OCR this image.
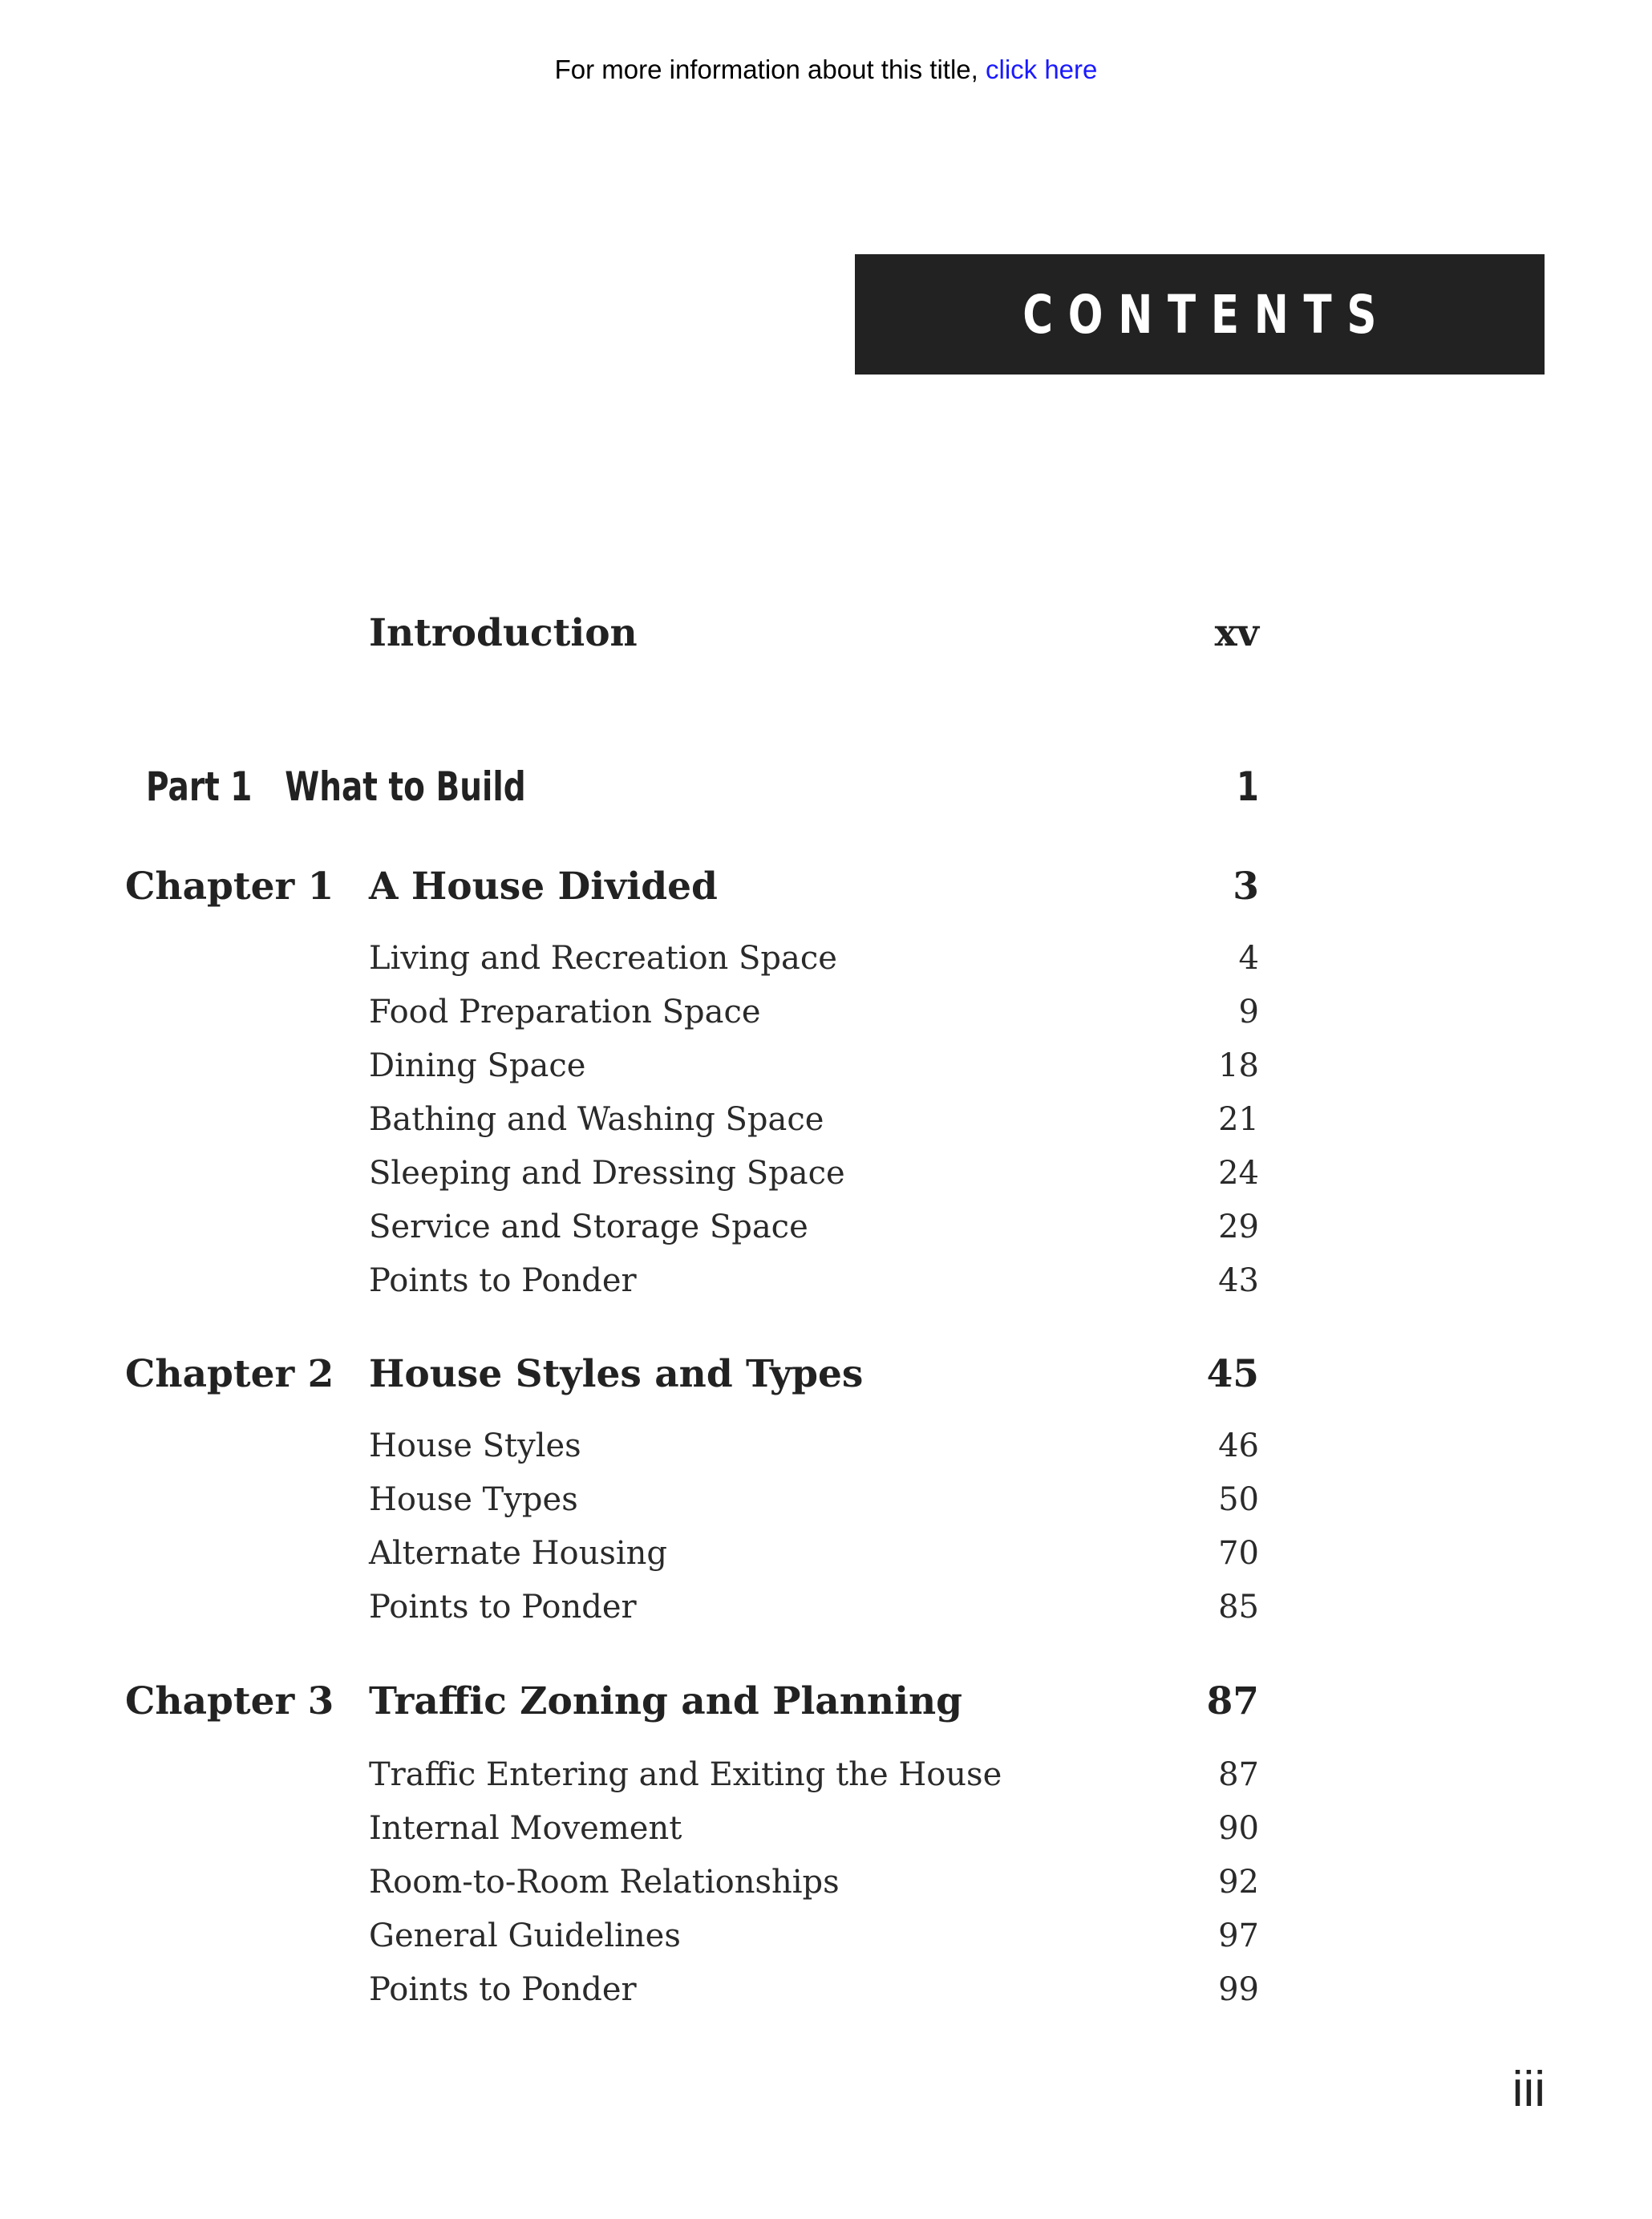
For more information about this title, click here
CONTENTS
Introduction	xv
Part 1 What to Build	1
Chapter 1 A House Divided	3
Living and Recreation Space	4
Food Preparation Space	9
Dining Space	18
Bathing and Washing Space	21
Sleeping and Dressing Space	24
Service and Storage Space	29
Points to Ponder	43
Chapter 2 House Styles and Types	45
House Styles	46
House Types	50
Alternate Housing	70
Points to Ponder	85
Chapter 3 Traffic Zoning and Planning	87
Traffic Entering and Exiting the House	87
Internal Movement	90
Room-to-Room Relationships	92
General Guidelines	97
Points to Ponder	99
iii
